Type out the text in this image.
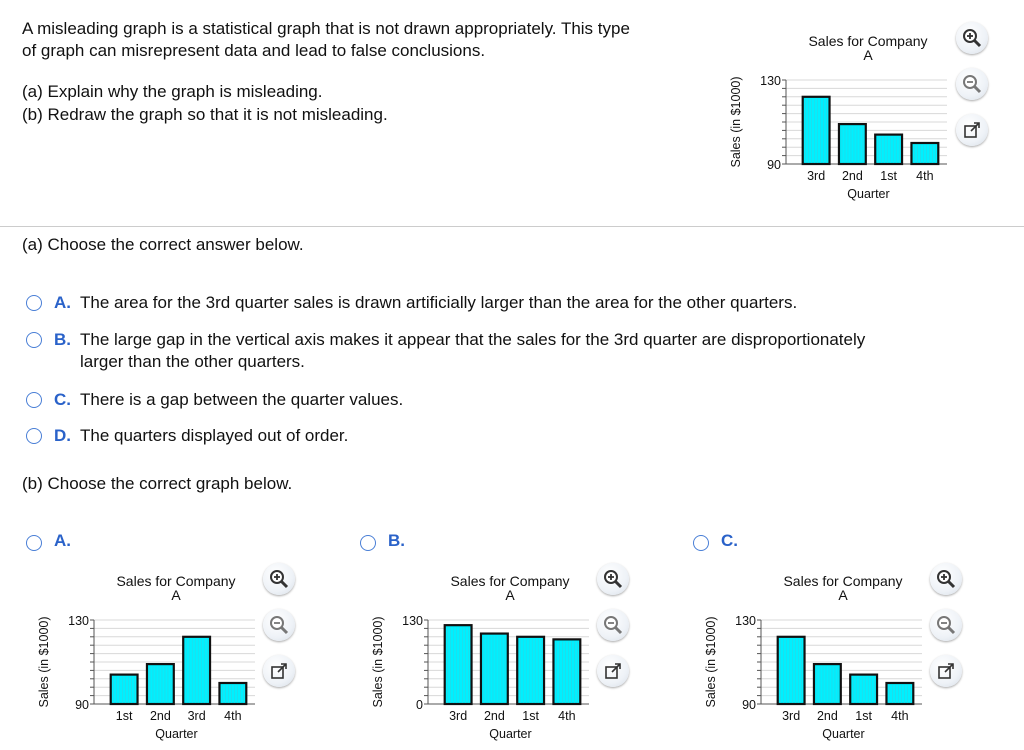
A misleading graph is a statistical graph that is not drawn appropriately. This type

of graph can misrepresent data and lead to false conclusions.

(a) Explain why the graph is misleading.
(b) Redraw the graph so that it is not misleading.
Sales for Company
A
130
90
Sales (in $1000)
3rd 2nd 1st 4th
Quarter
(a) Choose the correct answer below.
A. The area for the 3rd quarter sales is drawn artificially larger than the area for the other quarters.
B. The large gap in the vertical axis makes it appear that the sales for the 3rd quarter are disproportionately
larger than the other quarters.
C. There is a gap between the quarter values.
D. The quarters displayed out of order.
(b) Choose the correct graph below.
A.
Sales for Company
A
130
90
Sales (in $1000)
1st 2nd 3rd 4th
Quarter
B.
Sales for Company
A
130
0
Sales (in $1000)
3rd 2nd 1st 4th
Quarter
C.
Sales for Company
A
130
90
Sales (in $1000)
3rd 2nd 1st 4th
Quarter
